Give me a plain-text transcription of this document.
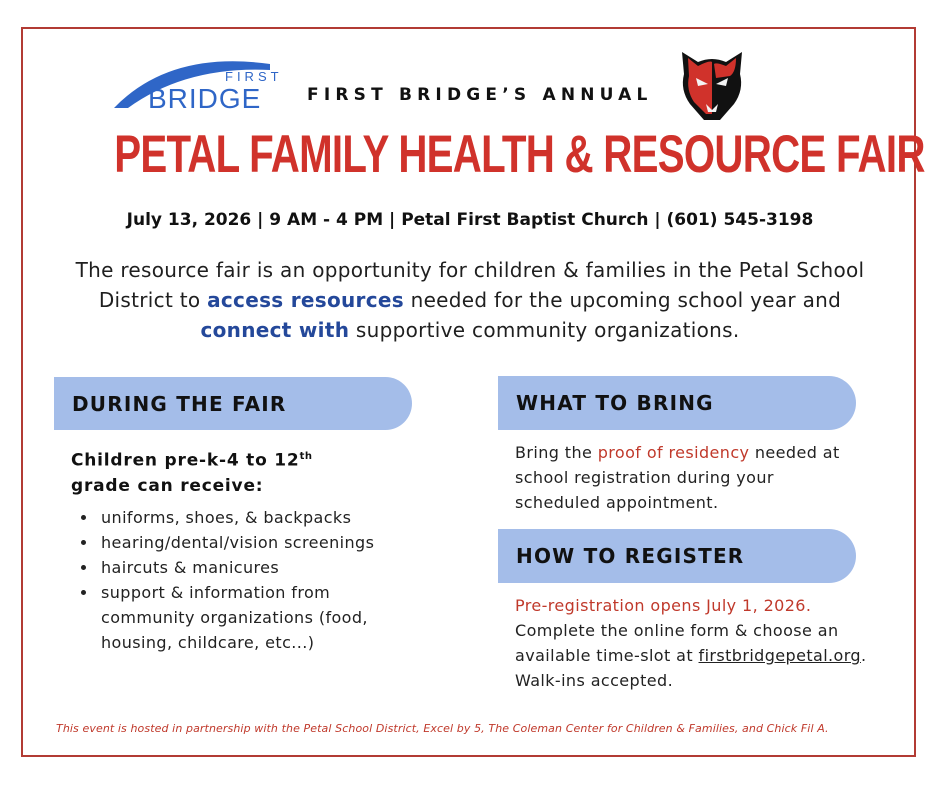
FIRST
BRIDGE	FIRST BRIDGE’S ANNUAL
PETAL FAMILY HEALTH & RESOURCE FAIR
July 13, 2026 | 9 AM - 4 PM | Petal First Baptist Church | (601) 545-3198
The resource fair is an opportunity for children & families in the Petal School District to access resources needed for the upcoming school year and connect with supportive community organizations.
DURING THE FAIR
Children pre-k-4 to 12th
grade can receive:
uniforms, shoes, & backpacks
hearing/dental/vision screenings
haircuts & manicures
support & information from community organizations (food, housing, childcare, etc...)
WHAT TO BRING
Bring the proof of residency needed at school registration during your scheduled appointment.
HOW TO REGISTER
Pre-registration opens July 1, 2026.
Complete the online form & choose an available time-slot at firstbridgepetal.org.
Walk-ins accepted.
This event is hosted in partnership with the Petal School District, Excel by 5, The Coleman Center for Children & Families, and Chick Fil A.
